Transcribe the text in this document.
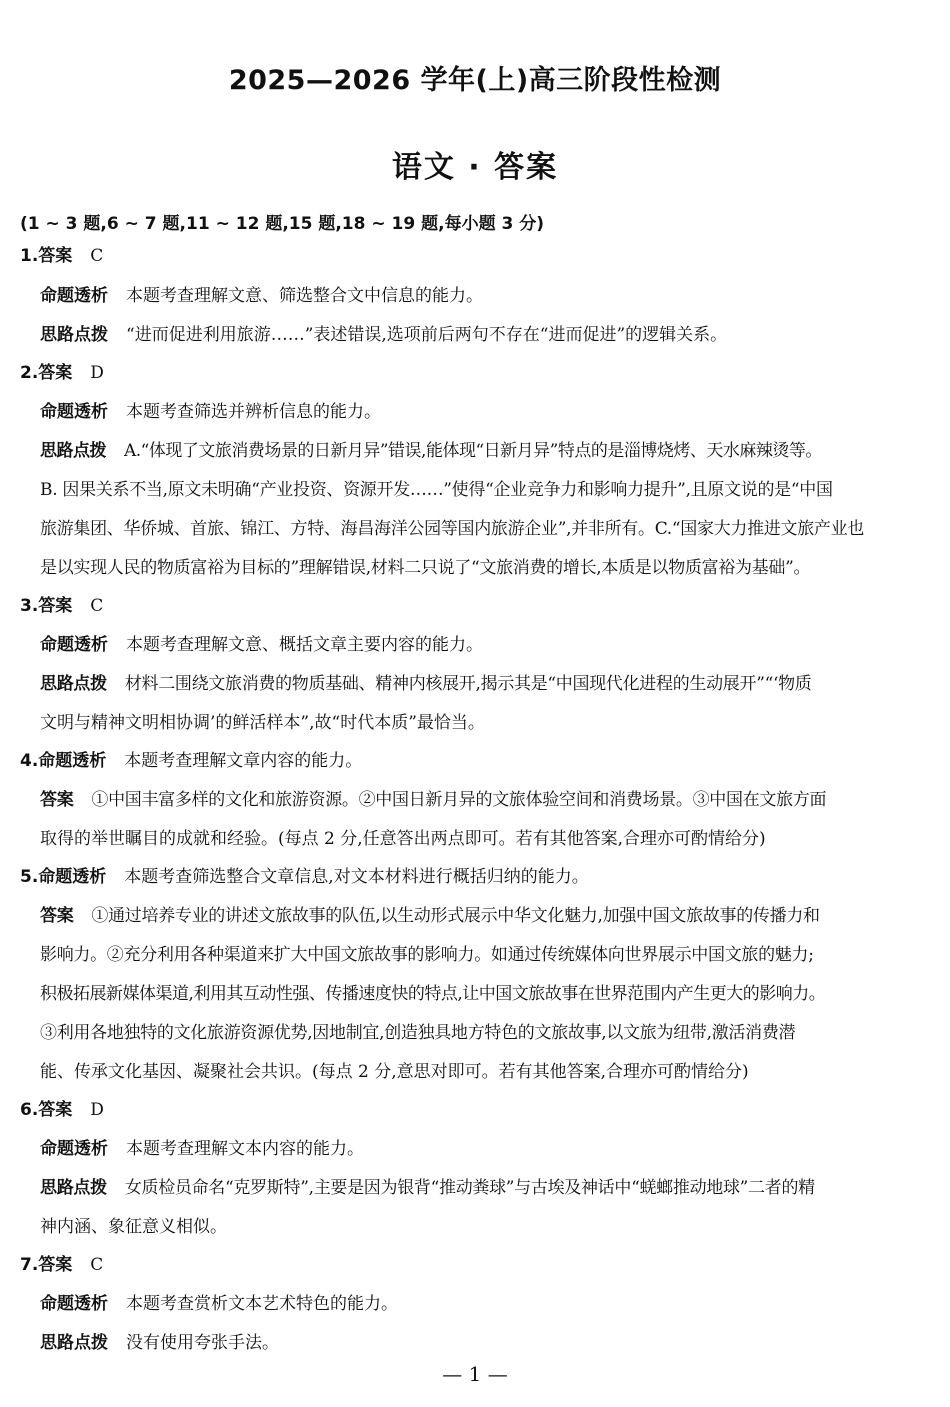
2025—2026 学年(上)高三阶段性检测
语文 · 答案
(1 ~ 3 题,6 ~ 7 题,11 ~ 12 题,15 题,18 ~ 19 题,每小题 3 分)
1.答案 C
命题透析 本题考查理解文意、筛选整合文中信息的能力。
思路点拨 “进而促进利用旅游……”表述错误,选项前后两句不存在“进而促进”的逻辑关系。
2.答案 D
命题透析 本题考查筛选并辨析信息的能力。
思路点拨 A.“体现了文旅消费场景的日新月异”错误,能体现“日新月异”特点的是淄博烧烤、天水麻辣烫等。
B. 因果关系不当,原文未明确“产业投资、资源开发……”使得“企业竞争力和影响力提升”,且原文说的是“中国
旅游集团、华侨城、首旅、锦江、方特、海昌海洋公园等国内旅游企业”,并非所有。C.“国家大力推进文旅产业也
是以实现人民的物质富裕为目标的”理解错误,材料二只说了“文旅消费的增长,本质是以物质富裕为基础”。
3.答案 C
命题透析 本题考查理解文意、概括文章主要内容的能力。
思路点拨 材料二围绕文旅消费的物质基础、精神内核展开,揭示其是“中国现代化进程的生动展开”“‘物质
文明与精神文明相协调’的鲜活样本”,故“时代本质”最恰当。
4.命题透析 本题考查理解文章内容的能力。
答案 ①中国丰富多样的文化和旅游资源。②中国日新月异的文旅体验空间和消费场景。③中国在文旅方面
取得的举世瞩目的成就和经验。(每点 2 分,任意答出两点即可。若有其他答案,合理亦可酌情给分)
5.命题透析 本题考查筛选整合文章信息,对文本材料进行概括归纳的能力。
答案 ①通过培养专业的讲述文旅故事的队伍,以生动形式展示中华文化魅力,加强中国文旅故事的传播力和
影响力。②充分利用各种渠道来扩大中国文旅故事的影响力。如通过传统媒体向世界展示中国文旅的魅力;
积极拓展新媒体渠道,利用其互动性强、传播速度快的特点,让中国文旅故事在世界范围内产生更大的影响力。
③利用各地独特的文化旅游资源优势,因地制宜,创造独具地方特色的文旅故事,以文旅为纽带,激活消费潜
能、传承文化基因、凝聚社会共识。(每点 2 分,意思对即可。若有其他答案,合理亦可酌情给分)
6.答案 D
命题透析 本题考查理解文本内容的能力。
思路点拨 女质检员命名“克罗斯特”,主要是因为银背“推动粪球”与古埃及神话中“蜣螂推动地球”二者的精
神内涵、象征意义相似。
7.答案 C
命题透析 本题考查赏析文本艺术特色的能力。
思路点拨 没有使用夸张手法。
— 1 —
